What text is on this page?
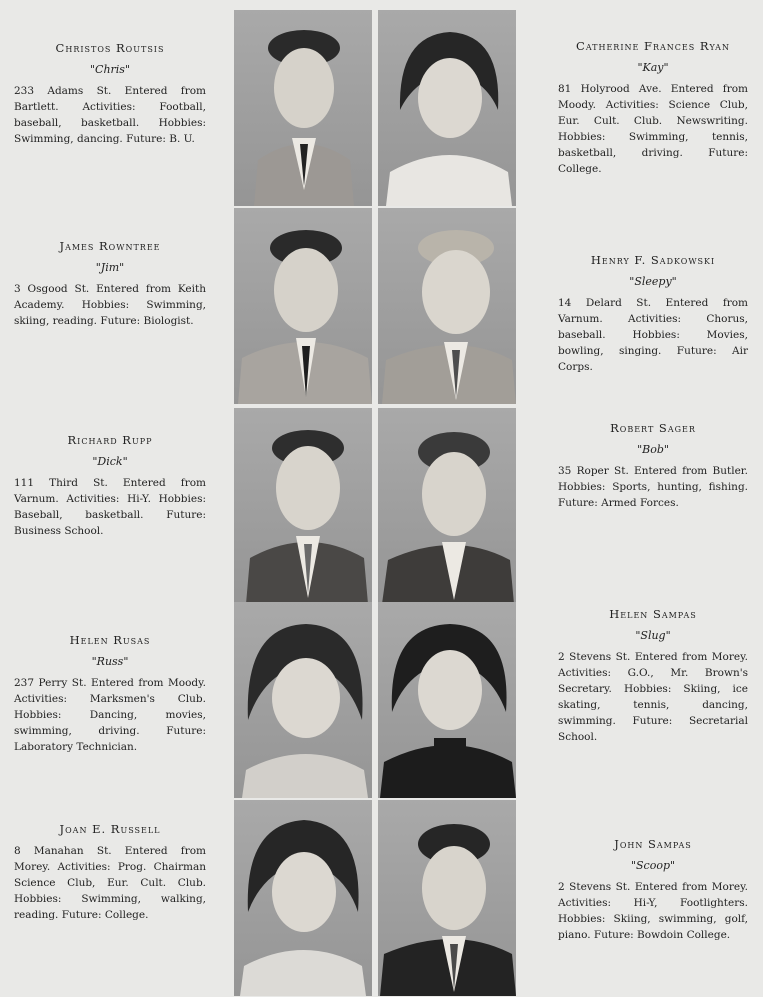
Christos Routsis
"Chris"
233 Adams St. Entered from Bartlett. Activities: Football, baseball, basketball. Hobbies: Swimming, dancing. Future: B. U.
James Rowntree
"Jim"
3 Osgood St. Entered from Keith Academy. Hobbies: Swimming, skiing, reading. Future: Biologist.
Richard Rupp
"Dick"
111 Third St. Entered from Varnum. Activities: Hi-Y. Hobbies: Baseball, basketball. Future: Business School.
Helen Rusas
"Russ"
237 Perry St. Entered from Moody. Activities: Marksmen's Club. Hobbies: Dancing, movies, swimming, driving. Future: Laboratory Technician.
Joan E. Russell
8 Manahan St. Entered from Morey. Activities: Prog. Chairman Science Club, Eur. Cult. Club. Hobbies: Swimming, walking, reading. Future: College.
Catherine Frances Ryan
"Kay"
81 Holyrood Ave. Entered from Moody. Activities: Science Club, Eur. Cult. Club. Newswriting. Hobbies: Swimming, tennis, basketball, driving. Future: College.
Henry F. Sadkowski
"Sleepy"
14 Delard St. Entered from Varnum. Activities: Chorus, baseball. Hobbies: Movies, bowling, singing. Future: Air Corps.
Robert Sager
"Bob"
35 Roper St. Entered from Butler. Hobbies: Sports, hunting, fishing. Future: Armed Forces.
Helen Sampas
"Slug"
2 Stevens St. Entered from Morey. Activities: G.O., Mr. Brown's Secretary. Hobbies: Skiing, ice skating, tennis, dancing, swimming. Future: Secretarial School.
John Sampas
"Scoop"
2 Stevens St. Entered from Morey. Activities: Hi-Y, Footlighters. Hobbies: Skiing, swimming, golf, piano. Future: Bowdoin College.
